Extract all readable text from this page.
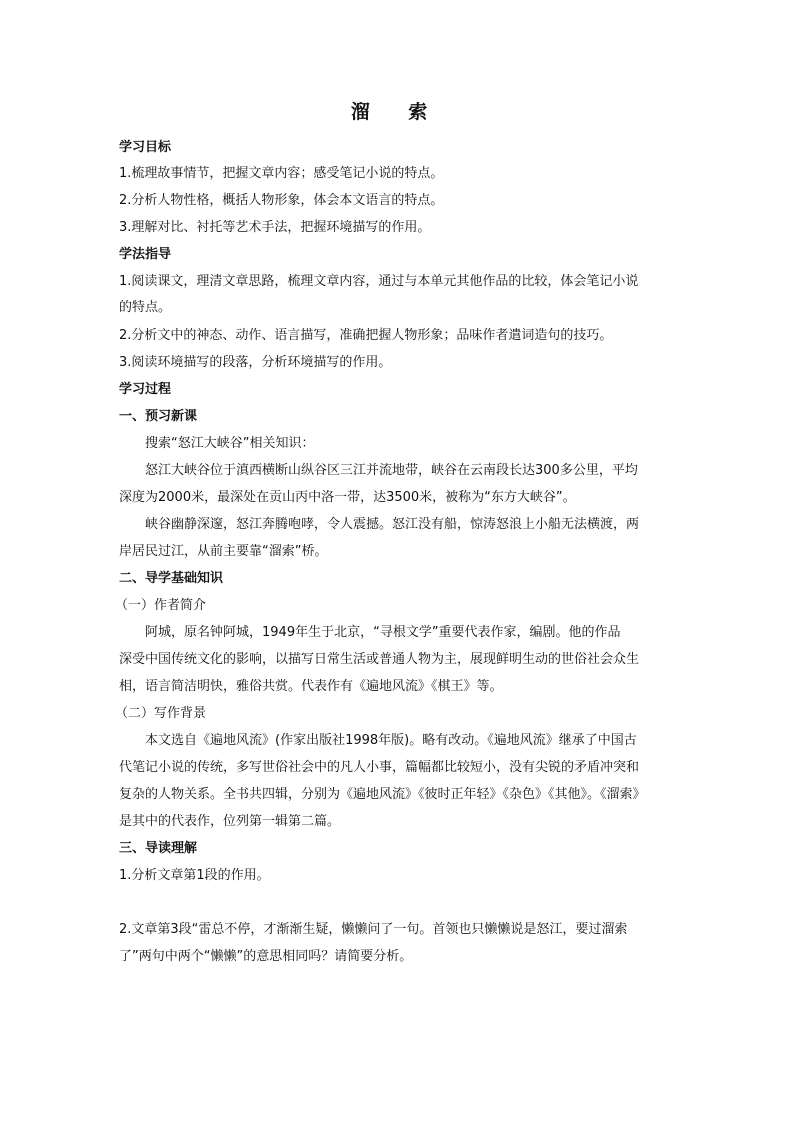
溜 索
学习目标
1.梳理故事情节，把握文章内容；感受笔记小说的特点。
2.分析人物性格，概括人物形象，体会本文语言的特点。
3.理解对比、衬托等艺术手法，把握环境描写的作用。
学法指导
1.阅读课文，理清文章思路，梳理文章内容，通过与本单元其他作品的比较，体会笔记小说
的特点。
2.分析文中的神态、动作、语言描写，准确把握人物形象；品味作者遣词造句的技巧。
3.阅读环境描写的段落，分析环境描写的作用。
学习过程
一、预习新课
搜索“怒江大峡谷”相关知识：
怒江大峡谷位于滇西横断山纵谷区三江并流地带，峡谷在云南段长达300多公里，平均
深度为2000米，最深处在贡山丙中洛一带，达3500米，被称为“东方大峡谷”。
峡谷幽静深邃，怒江奔腾咆哮，令人震撼。怒江没有船，惊涛怒浪上小船无法横渡，两
岸居民过江，从前主要靠“溜索”桥。
二、导学基础知识
（一）作者简介
阿城，原名钟阿城，1949年生于北京，“寻根文学”重要代表作家，编剧。他的作品
深受中国传统文化的影响，以描写日常生活或普通人物为主，展现鲜明生动的世俗社会众生
相，语言简洁明快，雅俗共赏。代表作有《遍地风流》《棋王》等。
（二）写作背景
本文选自《遍地风流》(作家出版社1998年版)。略有改动。《遍地风流》继承了中国古
代笔记小说的传统，多写世俗社会中的凡人小事，篇幅都比较短小，没有尖锐的矛盾冲突和
复杂的人物关系。全书共四辑，分别为《遍地风流》《彼时正年轻》《杂色》《其他》。《溜索》
是其中的代表作，位列第一辑第二篇。
三、导读理解
1.分析文章第1段的作用。
2.文章第3段“雷总不停，才渐渐生疑，懒懒问了一句。首领也只懒懒说是怒江，要过溜索
了”两句中两个“懒懒”的意思相同吗？请简要分析。
